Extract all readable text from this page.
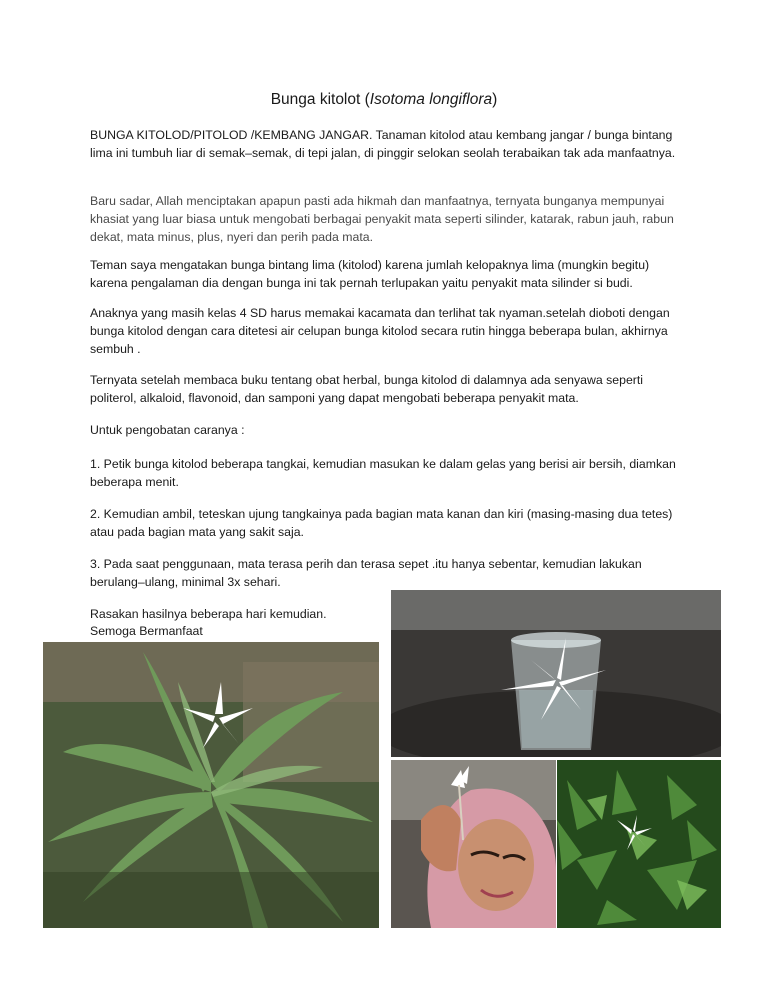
Bunga kitolot (Isotoma longiflora)

BUNGA KITOLOD/PITOLOD /KEMBANG JANGAR. Tanaman kitolod atau kembang jangar / bunga bintang lima ini tumbuh liar di semak–semak, di tepi jalan, di pinggir selokan seolah terabaikan tak ada manfaatnya.

Baru sadar, Allah menciptakan apapun pasti ada hikmah dan manfaatnya, ternyata bunganya mempunyai khasiat yang luar biasa untuk mengobati berbagai penyakit mata seperti silinder, katarak, rabun jauh, rabun dekat, mata minus, plus, nyeri dan perih pada mata.

Teman saya mengatakan bunga bintang lima (kitolod) karena jumlah kelopaknya lima (mungkin begitu) karena pengalaman dia dengan bunga ini tak pernah terlupakan yaitu penyakit mata silinder si budi.

Anaknya yang masih kelas 4 SD harus memakai kacamata dan terlihat tak nyaman.setelah dioboti dengan bunga kitolod dengan cara ditetesi air celupan bunga kitolod secara rutin hingga beberapa bulan, akhirnya sembuh .

Ternyata setelah membaca buku tentang obat herbal, bunga kitolod di dalamnya ada senyawa seperti politerol, alkaloid, flavonoid, dan samponi yang dapat mengobati beberapa penyakit mata.

Untuk pengobatan caranya :

1. Petik bunga kitolod beberapa tangkai, kemudian masukan ke dalam gelas yang berisi air bersih, diamkan beberapa menit.

2. Kemudian ambil, teteskan ujung tangkainya pada bagian mata kanan dan kiri (masing-masing dua tetes) atau pada bagian mata yang sakit saja.

3. Pada saat penggunaan, mata terasa perih dan terasa sepet .itu hanya sebentar, kemudian lakukan berulang–ulang, minimal 3x sehari.

Rasakan hasilnya beberapa hari kemudian.

Semoga Bermanfaat
